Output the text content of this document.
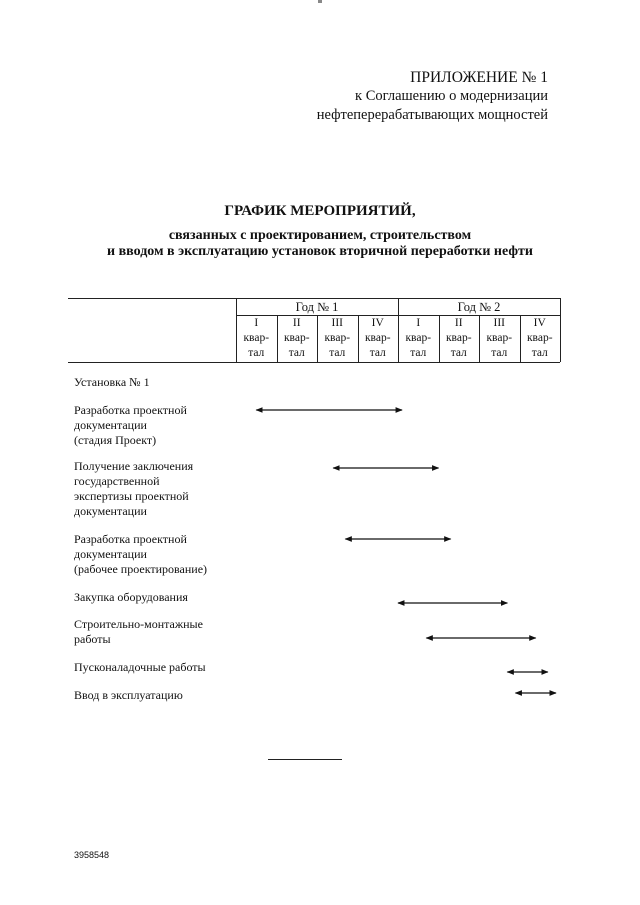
ПРИЛОЖЕНИЕ № 1
к Соглашению о модернизации
нефтеперерабатывающих мощностей
ГРАФИК МЕРОПРИЯТИЙ,
связанных с проектированием, строительством
и вводом в эксплуатацию установок вторичной переработки нефти
Год № 1	Год № 2
I
квар-
тал
II
квар-
тал
III
квар-
тал
IV
квар-
тал
I
квар-
тал
II
квар-
тал
III
квар-
тал
IV
квар-
тал
Установка № 1
Разработка проектной
документации
(стадия Проект)
Получение заключения
государственной
экспертизы проектной
документации
Разработка проектной
документации
(рабочее проектирование)
Закупка оборудования
Строительно-монтажные
работы
Пусконаладочные работы
Ввод в эксплуатацию
3958548
